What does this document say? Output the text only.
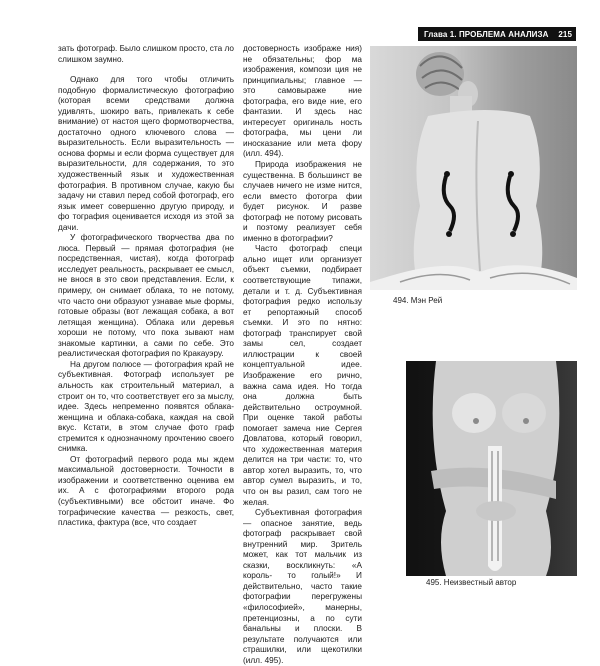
Глава 1. ПРОБЛЕМА АНАЛИЗА 215

зать фотограф. Было слишком просто, ста ло слишком заумно.

Однако для того чтобы отличить подобную формалистическую фотографию (которая всеми средствами должна удивлять, шокиро вать, привлекать к себе внимание) от настоя щего формотворчества, достаточно одного ключевого слова — выразительность. Если выразительность — основа формы и если форма существует для выразительности, для содержания, то это художественный язык и художественная фотография. В противном случае, какую бы задачу ни ставил перед собой фотограф, его язык имеет совершенно другую природу, и фо тография оценивается исходя из этой за дачи.

У фотографического творчества два по люса. Первый — прямая фотография (не посредственная, чистая), когда фотограф исследует реальность, раскрывает ее смысл, не внося в это свои представления. Если, к примеру, он снимает облака, то не потому, что часто они образуют узнавае мые формы, готовые образы (вот лежащая собака, а вот летящая женщина). Облака или деревья хороши не потому, что пока зывают нам знакомые картинки, а сами по себе. Это реалистическая фотография по Кракауэру.

На другом полюсе — фотография край не субъективная. Фотограф использует ре альность как строительный материал, а строит он то, что соответствует его за мыслу, идее. Здесь непременно появятся облака-женщина и облака-собака, каждая на свой вкус. Кстати, в этом случае фото граф стремится к однозначному прочтению своего снимка.

От фотографий первого рода мы ждем максимальной достоверности. Точности в изображении и соответственно оценива ем их. А с фотографиями второго рода (субъективными) все обстоит иначе. Фо тографические качества — резкость, свет, пластика, фактура (все, что создает

достоверность изображе ния) не обязательны; фор ма изображения, компози ция не принципиальны; главное — это самовыраже ние фотографа, его виде ние, его фантазии. И здесь нас интересует оригиналь ность фотографа, мы цени ли иносказание или мета фору (илл. 494).

Природа изображения не существенна. В большинст ве случаев ничего не изме нится, если вместо фотогра фии будет рисунок. И разве фотограф не потому рисовать и поэтому реализует себя именно в фотографии?

Часто фотограф специ ально ищет или организует объект съемки, подбирает соответствующие типажи, детали и т. д. Субъективная фотография редко использу ет репортажный способ съемки. И это по нятно: фотограф транспирует свой замы сел, создает иллюстрации к своей концептуальной идее. Изображение его рично, важна сама идея. Но тогда она должна быть действительно остроумной. При оценке такой работы помогает замеча ние Сергея Довлатова, который говорил, что художественная материя делится на три части: то, что автор хотел выразить, то, что автор сумел выразить, и то, что он вы разил, сам того не желая.

Субъективная фотография — опасное занятие, ведь фотограф раскрывает свой внутренний мир. Зритель может, как тот мальчик из сказки, воскликнуть: «А король- то голый!» И действительно, часто такие фотографии перегружены «философией», манерны, претенциозны, а по сути банальны и плоски. В результате получаются или страшилки, или щекотилки (илл. 495).

494. Мэн Рей
495. Неизвестный автор
